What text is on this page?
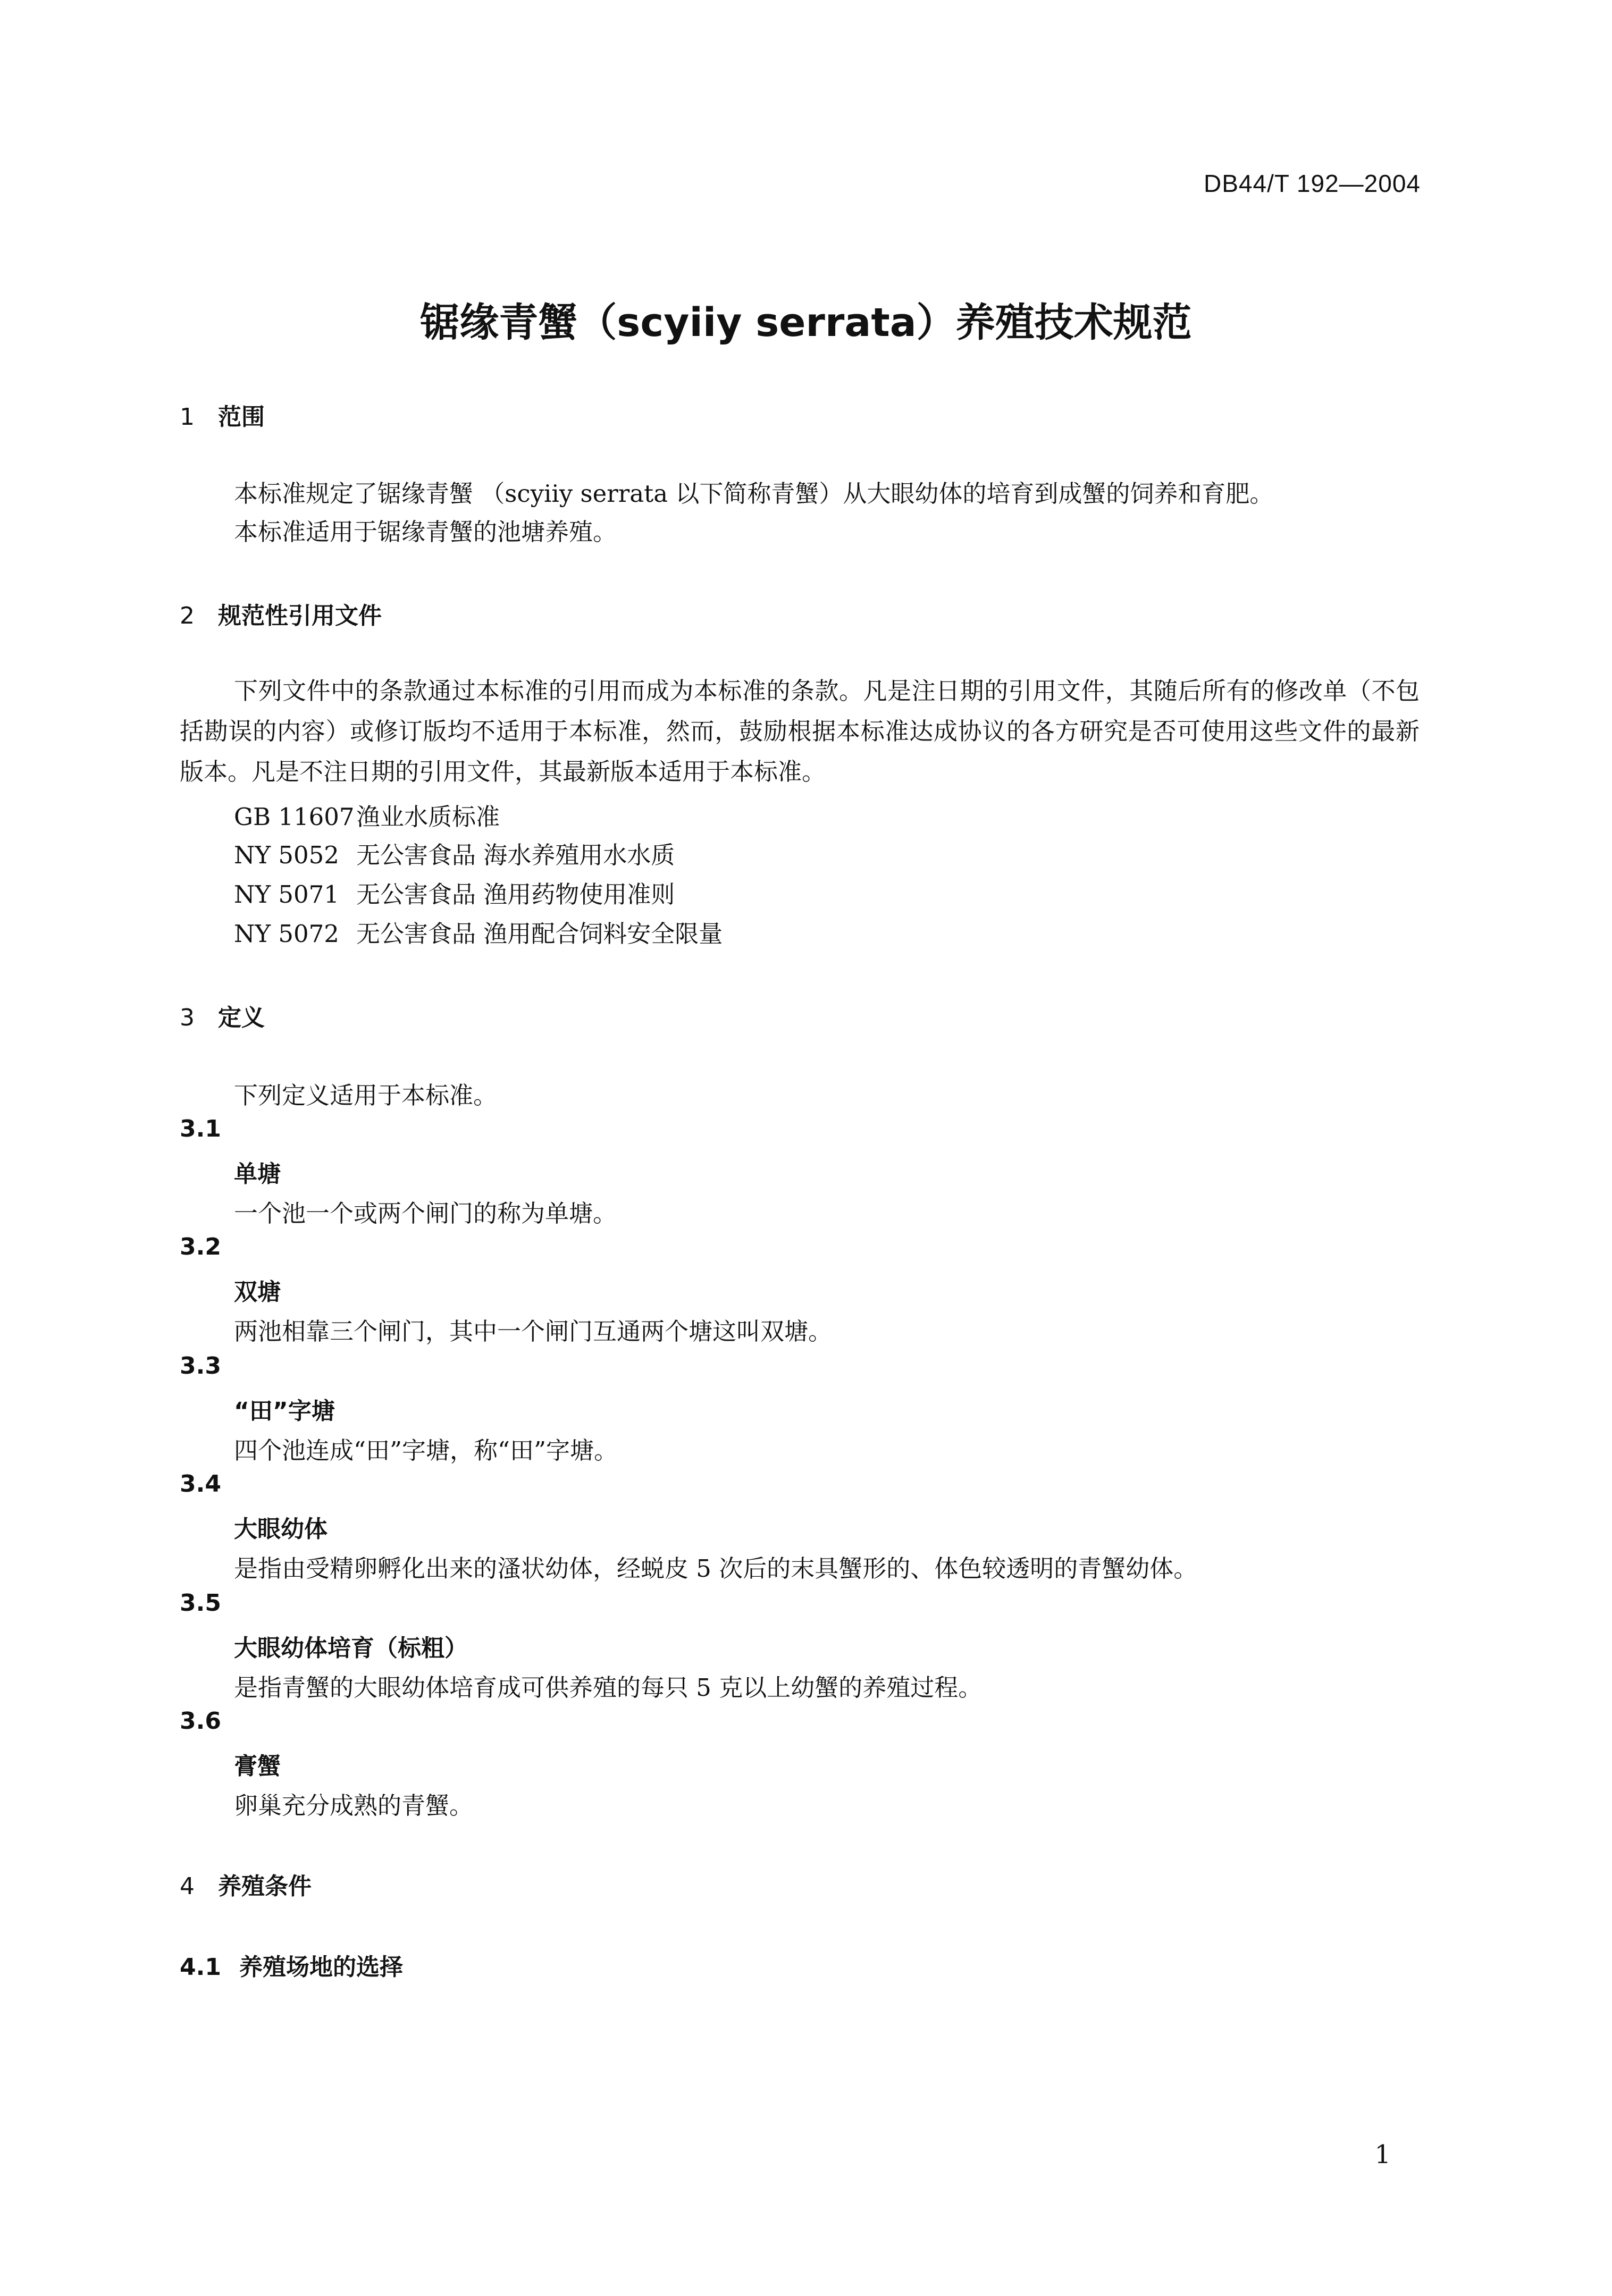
DB44/T 192—2004
锯缘青蟹（scyiiy serrata）养殖技术规范
1 范围
本标准规定了锯缘青蟹 （scyiiy serrata 以下简称青蟹）从大眼幼体的培育到成蟹的饲养和育肥。
本标准适用于锯缘青蟹的池塘养殖。
2 规范性引用文件
下列文件中的条款通过本标准的引用而成为本标准的条款。凡是注日期的引用文件，其随后所有的修改单（不包括勘误的内容）或修订版均不适用于本标准，然而，鼓励根据本标准达成协议的各方研究是否可使用这些文件的最新版本。凡是不注日期的引用文件，其最新版本适用于本标准。
GB 11607渔业水质标准
NY 5052 无公害食品 海水养殖用水水质
NY 5071 无公害食品 渔用药物使用准则
NY 5072 无公害食品 渔用配合饲料安全限量
3 定义
下列定义适用于本标准。
3.1
单塘
一个池一个或两个闸门的称为单塘。
3.2
双塘
两池相靠三个闸门，其中一个闸门互通两个塘这叫双塘。
3.3
“田”字塘
四个池连成“田”字塘，称“田”字塘。
3.4
大眼幼体
是指由受精卵孵化出来的溞状幼体，经蜕皮 5 次后的末具蟹形的、体色较透明的青蟹幼体。
3.5
大眼幼体培育（标粗）
是指青蟹的大眼幼体培育成可供养殖的每只 5 克以上幼蟹的养殖过程。
3.6
膏蟹
卵巢充分成熟的青蟹。
4 养殖条件
4.1 养殖场地的选择
1
